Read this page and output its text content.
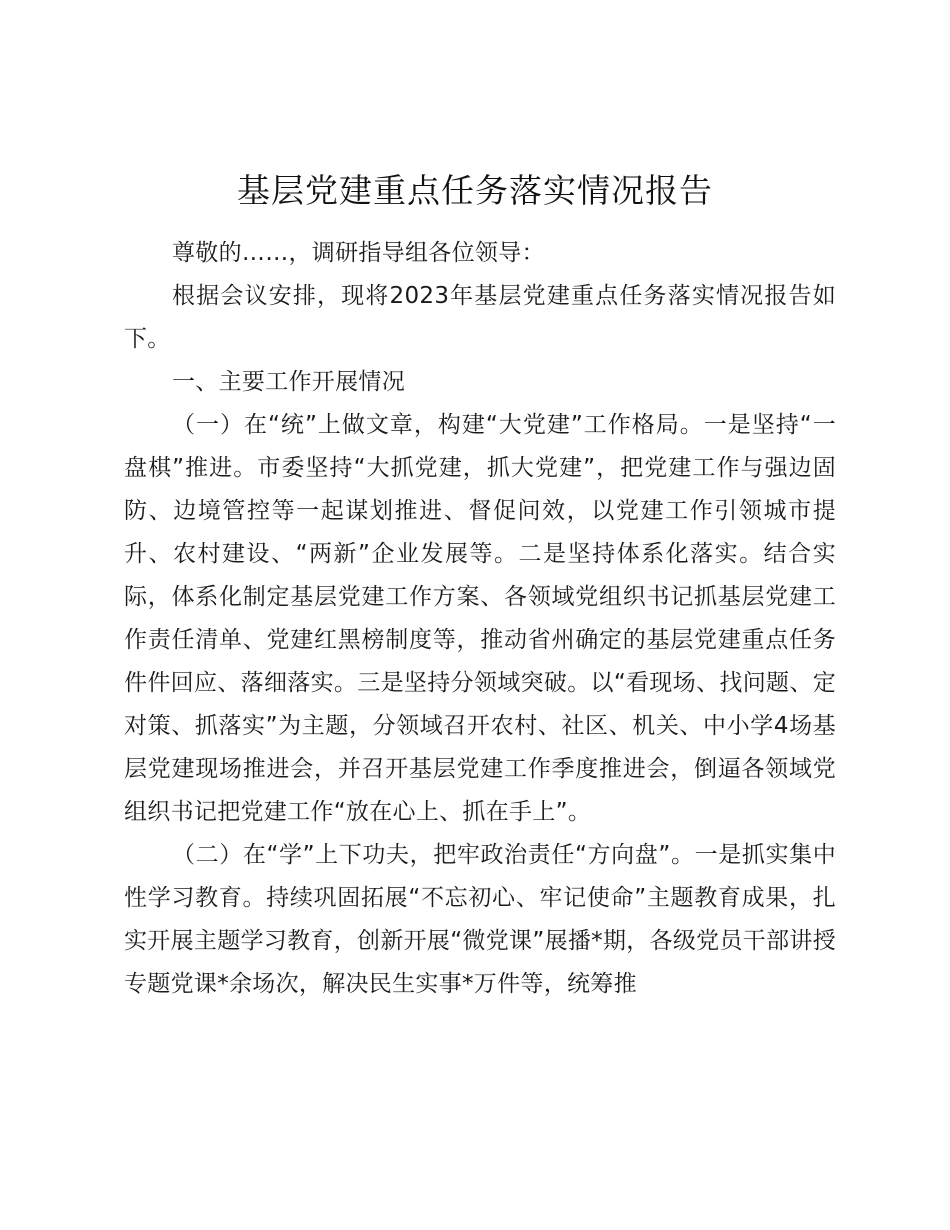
基层党建重点任务落实情况报告

尊敬的……，调研指导组各位领导：

根据会议安排，现将2023年基层党建重点任务落实情况报告如下。

一、主要工作开展情况

（一）在“统”上做文章，构建“大党建”工作格局。一是坚持“一盘棋”推进。市委坚持“大抓党建，抓大党建”，把党建工作与强边固防、边境管控等一起谋划推进、督促问效，以党建工作引领城市提升、农村建设、“两新”企业发展等。二是坚持体系化落实。结合实际，体系化制定基层党建工作方案、各领域党组织书记抓基层党建工作责任清单、党建红黑榜制度等，推动省州确定的基层党建重点任务件件回应、落细落实。三是坚持分领域突破。以“看现场、找问题、定对策、抓落实”为主题，分领域召开农村、社区、机关、中小学4场基层党建现场推进会，并召开基层党建工作季度推进会，倒逼各领域党组织书记把党建工作“放在心上、抓在手上”。

（二）在“学”上下功夫，把牢政治责任“方向盘”。一是抓实集中性学习教育。持续巩固拓展“不忘初心、牢记使命”主题教育成果，扎实开展主题学习教育，创新开展“微党课”展播*期，各级党员干部讲授专题党课*余场次，解决民生实事*万件等，统筹推
